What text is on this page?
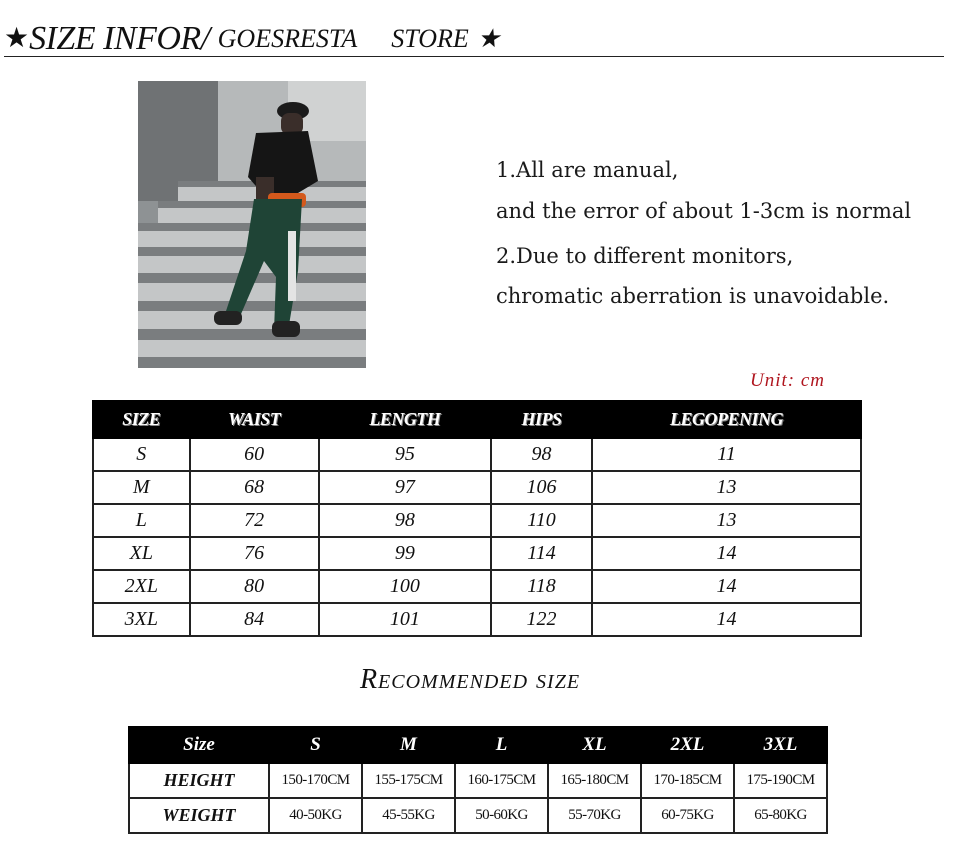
★ SIZE INFOR/ GOESRESTA STORE ★
1.All are manual,
and the error of about 1-3cm is normal
2.Due to different monitors,
chromatic aberration is unavoidable.
Unit: cm
SIZE	WAIST	LENGTH	HIPS	LEGOPENING
S	60	95	98	11
M	68	97	106	13
L	72	98	110	13
XL	76	99	114	14
2XL	80	100	118	14
3XL	84	101	122	14
Recommended size
Size	S	M	L	XL	2XL	3XL
HEIGHT	150-170CM	155-175CM	160-175CM	165-180CM	170-185CM	175-190CM
WEIGHT	40-50KG	45-55KG	50-60KG	55-70KG	60-75KG	65-80KG
